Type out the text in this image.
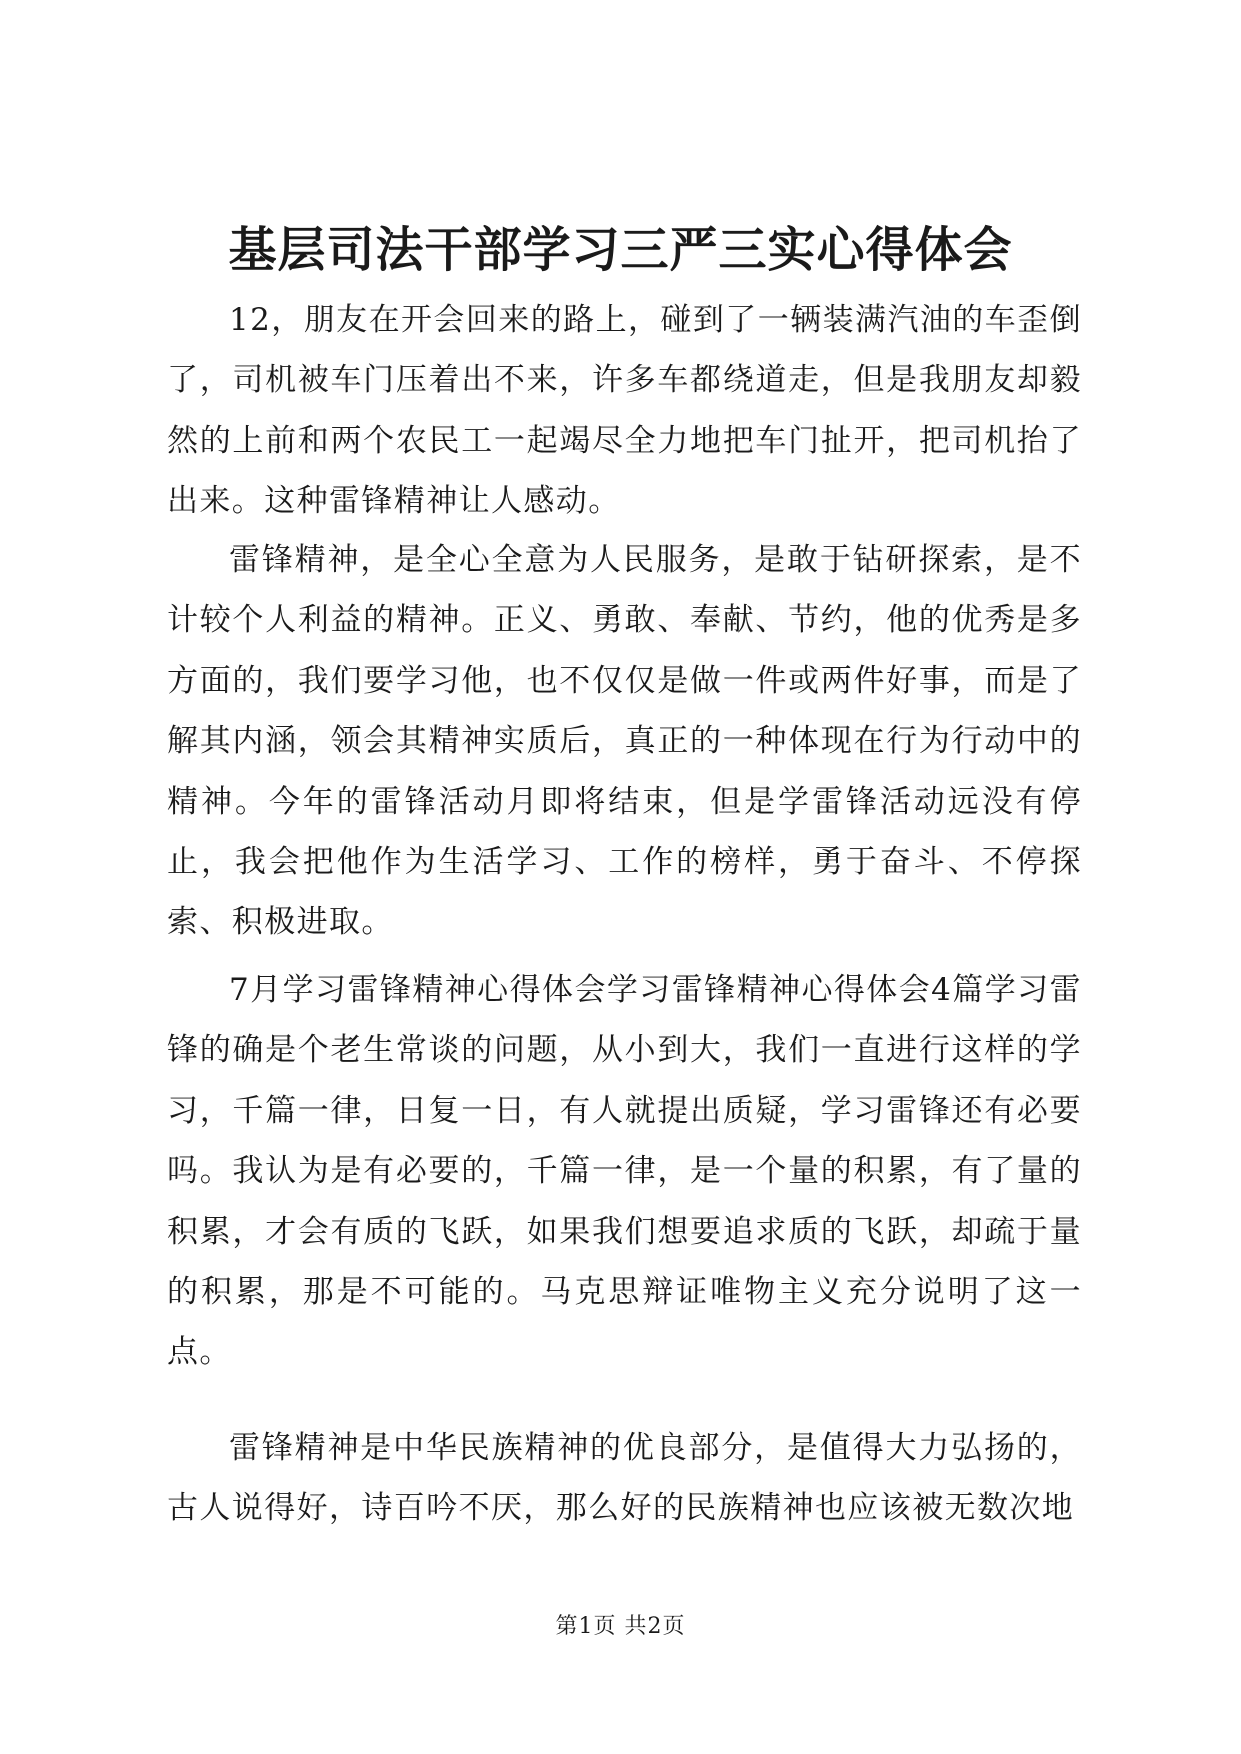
基层司法干部学习三严三实心得体会

12，朋友在开会回来的路上，碰到了一辆装满汽油的车歪倒了，司机被车门压着出不来，许多车都绕道走，但是我朋友却毅然的上前和两个农民工一起竭尽全力地把车门扯开，把司机抬了出来。这种雷锋精神让人感动。

雷锋精神，是全心全意为人民服务，是敢于钻研探索，是不计较个人利益的精神。正义、勇敢、奉献、节约，他的优秀是多方面的，我们要学习他，也不仅仅是做一件或两件好事，而是了解其内涵，领会其精神实质后，真正的一种体现在行为行动中的精神。今年的雷锋活动月即将结束，但是学雷锋活动远没有停止，我会把他作为生活学习、工作的榜样，勇于奋斗、不停探索、积极进取。

7月学习雷锋精神心得体会学习雷锋精神心得体会4篇学习雷锋的确是个老生常谈的问题，从小到大，我们一直进行这样的学习，千篇一律，日复一日，有人就提出质疑，学习雷锋还有必要吗。我认为是有必要的，千篇一律，是一个量的积累，有了量的积累，才会有质的飞跃，如果我们想要追求质的飞跃，却疏于量的积累，那是不可能的。马克思辩证唯物主义充分说明了这一点。

雷锋精神是中华民族精神的优良部分，是值得大力弘扬的，古人说得好，诗百吟不厌，那么好的民族精神也应该被无数次地

第1页 共2页
